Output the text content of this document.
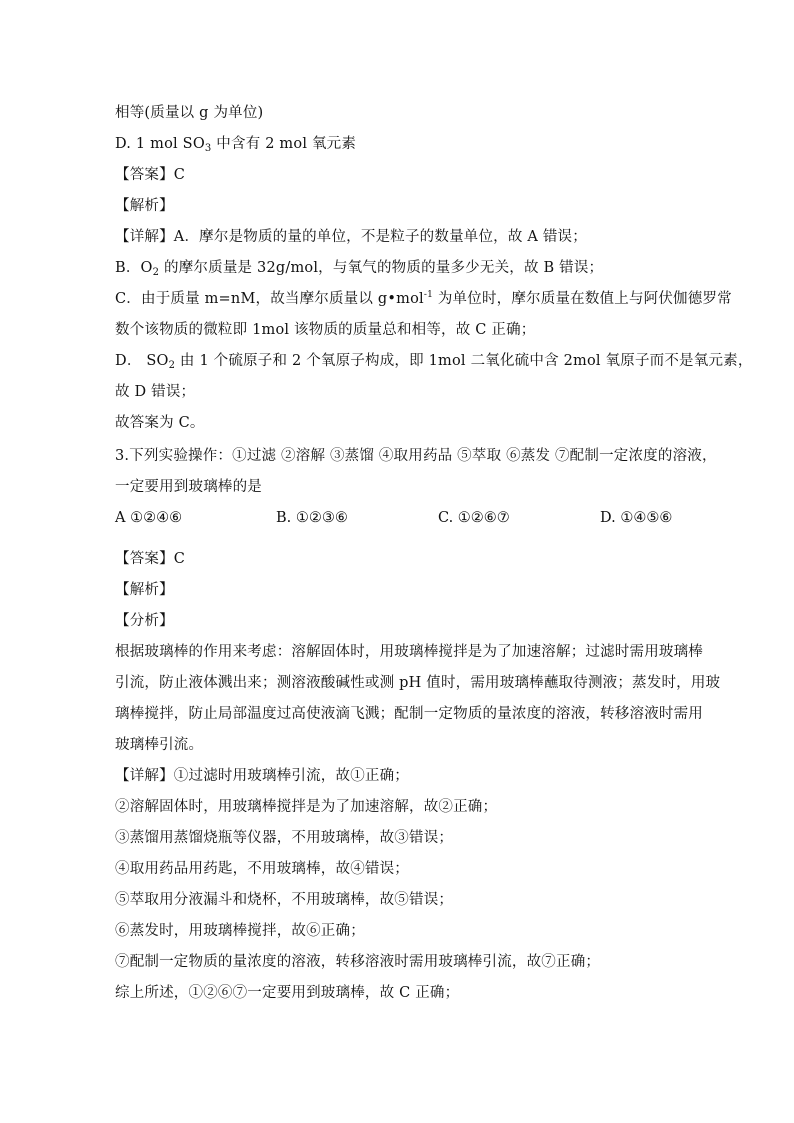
相等(质量以 g 为单位)
D. 1 mol $SO_3$ 中含有 2 mol 氧元素
【答案】C
【解析】
【详解】A．摩尔是物质的量的单位，不是粒子的数量单位，故 A 错误；
B．$O_2$ 的摩尔质量是 32g/mol，与氧气的物质的量多少无关，故 B 错误；
C．由于质量 m=nM，故当摩尔质量以 g•mol$^{-1}$ 为单位时，摩尔质量在数值上与阿伏伽德罗常
数个该物质的微粒即 1mol 该物质的质量总和相等，故 C 正确；
D． $SO_2$ 由 1 个硫原子和 2 个氧原子构成，即 1mol 二氧化硫中含 2mol 氧原子而不是氧元素，
故 D 错误；
故答案为 C。
3.下列实验操作：①过滤 ②溶解 ③蒸馏 ④取用药品 ⑤萃取 ⑥蒸发 ⑦配制一定浓度的溶液，
一定要用到玻璃棒的是
A ①②④⑥	B. ①②③⑥	C. ①②⑥⑦	D. ①④⑤⑥
【答案】C
【解析】
【分析】
根据玻璃棒的作用来考虑：溶解固体时，用玻璃棒搅拌是为了加速溶解；过滤时需用玻璃棒
引流，防止液体溅出来；测溶液酸碱性或测 pH 值时，需用玻璃棒蘸取待测液；蒸发时，用玻
璃棒搅拌，防止局部温度过高使液滴飞溅；配制一定物质的量浓度的溶液，转移溶液时需用
玻璃棒引流。
【详解】①过滤时用玻璃棒引流，故①正确；
②溶解固体时，用玻璃棒搅拌是为了加速溶解，故②正确；
③蒸馏用蒸馏烧瓶等仪器，不用玻璃棒，故③错误；
④取用药品用药匙，不用玻璃棒，故④错误；
⑤萃取用分液漏斗和烧杯，不用玻璃棒，故⑤错误；
⑥蒸发时，用玻璃棒搅拌，故⑥正确；
⑦配制一定物质的量浓度的溶液，转移溶液时需用玻璃棒引流，故⑦正确；
综上所述，①②⑥⑦一定要用到玻璃棒，故 C 正确；
